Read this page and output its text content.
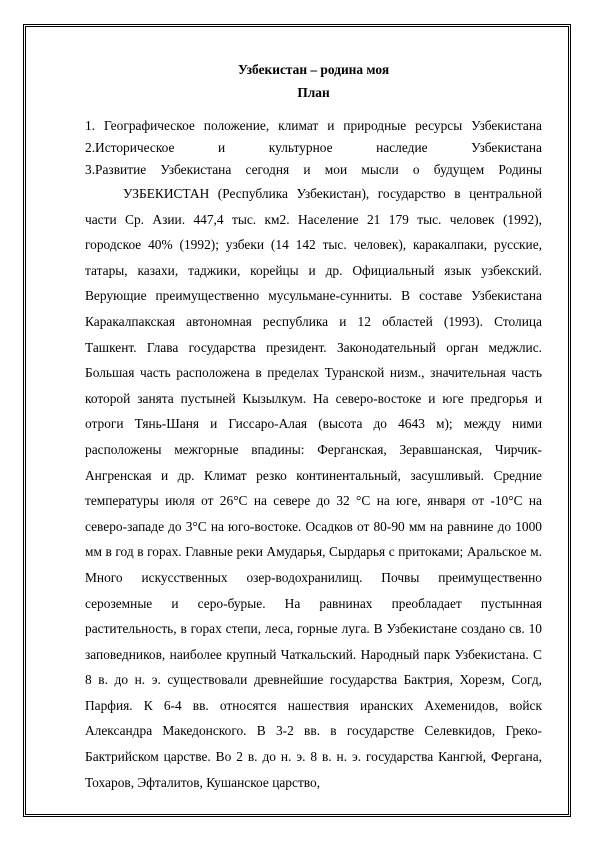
Узбекистан – родина моя

План

1. Географическое положение, климат и природные ресурсы Узбекистана

2.Историческое и культурное наследие Узбекистана

3.Развитие Узбекистана сегодня и мои мысли о будущем Родины

УЗБЕКИСТАН (Республика Узбекистан), государство в центральной части Ср. Азии. 447,4 тыс. км2. Население 21 179 тыс. человек (1992), городское 40% (1992); узбеки (14 142 тыс. человек), каракалпаки, русские, татары, казахи, таджики, корейцы и др. Официальный язык узбекский. Верующие преимущественно мусульмане-сунниты. В составе Узбекистана Каракалпакская автономная республика и 12 областей (1993). Столица Ташкент. Глава государства президент. Законодательный орган меджлис. Большая часть расположена в пределах Туранской низм., значительная часть которой занята пустыней Кызылкум. На северо-востоке и юге предгорья и отроги Тянь-Шаня и Гиссаро-Алая (высота до 4643 м); между ними расположены межгорные впадины: Ферганская, Зеравшанская, Чирчик-Ангренская и др. Климат резко континентальный, засушливый. Средние температуры июля от 26°C на севере до 32 °C на юге, января от -10°C на северо-западе до 3°C на юго-востоке. Осадков от 80-90 мм на равнине до 1000 мм в год в горах. Главные реки Амударья, Сырдарья с притоками; Аральское м. Много искусственных озер-водохранилищ. Почвы преимущественно сероземные и серо-бурые. На равнинах преобладает пустынная растительность, в горах степи, леса, горные луга. В Узбекистане создано св. 10 заповедников, наиболее крупный Чаткальский. Народный парк Узбекистана. С 8 в. до н. э. существовали древнейшие государства Бактрия, Хорезм, Согд, Парфия. К 6-4 вв. относятся нашествия иранских Ахеменидов, войск Александра Македонского. В 3-2 вв. в государстве Селевкидов, Греко-Бактрийском царстве. Во 2 в. до н. э. 8 в. н. э. государства Кангюй, Фергана, Тохаров, Эфталитов, Кушанское царство,
